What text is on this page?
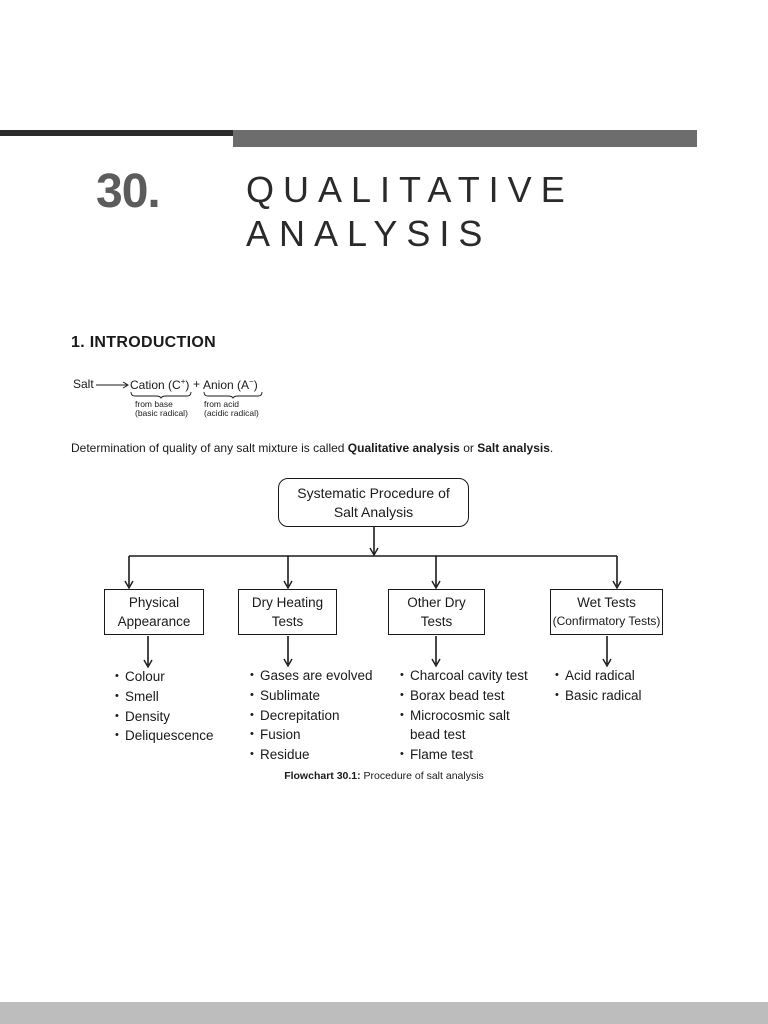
30. QUALITATIVE
ANALYSIS
1. INTRODUCTION
Salt	Cation (C+) + Anion (A−)
from base
(basic radical)
from acid
(acidic radical)
Determination of quality of any salt mixture is called Qualitative analysis or Salt analysis.
Systematic Procedure of
Salt Analysis
Physical
Appearance
Dry Heating
Tests
Other Dry
Tests
Wet Tests
(Confirmatory Tests)
• Colour
• Smell
• Density
• Deliquescence
• Gases are evolved
• Sublimate
• Decrepitation
• Fusion
• Residue
• Charcoal cavity test
• Borax bead test
• Microcosmic salt
bead test
• Flame test
• Acid radical
• Basic radical
Flowchart 30.1: Procedure of salt analysis
